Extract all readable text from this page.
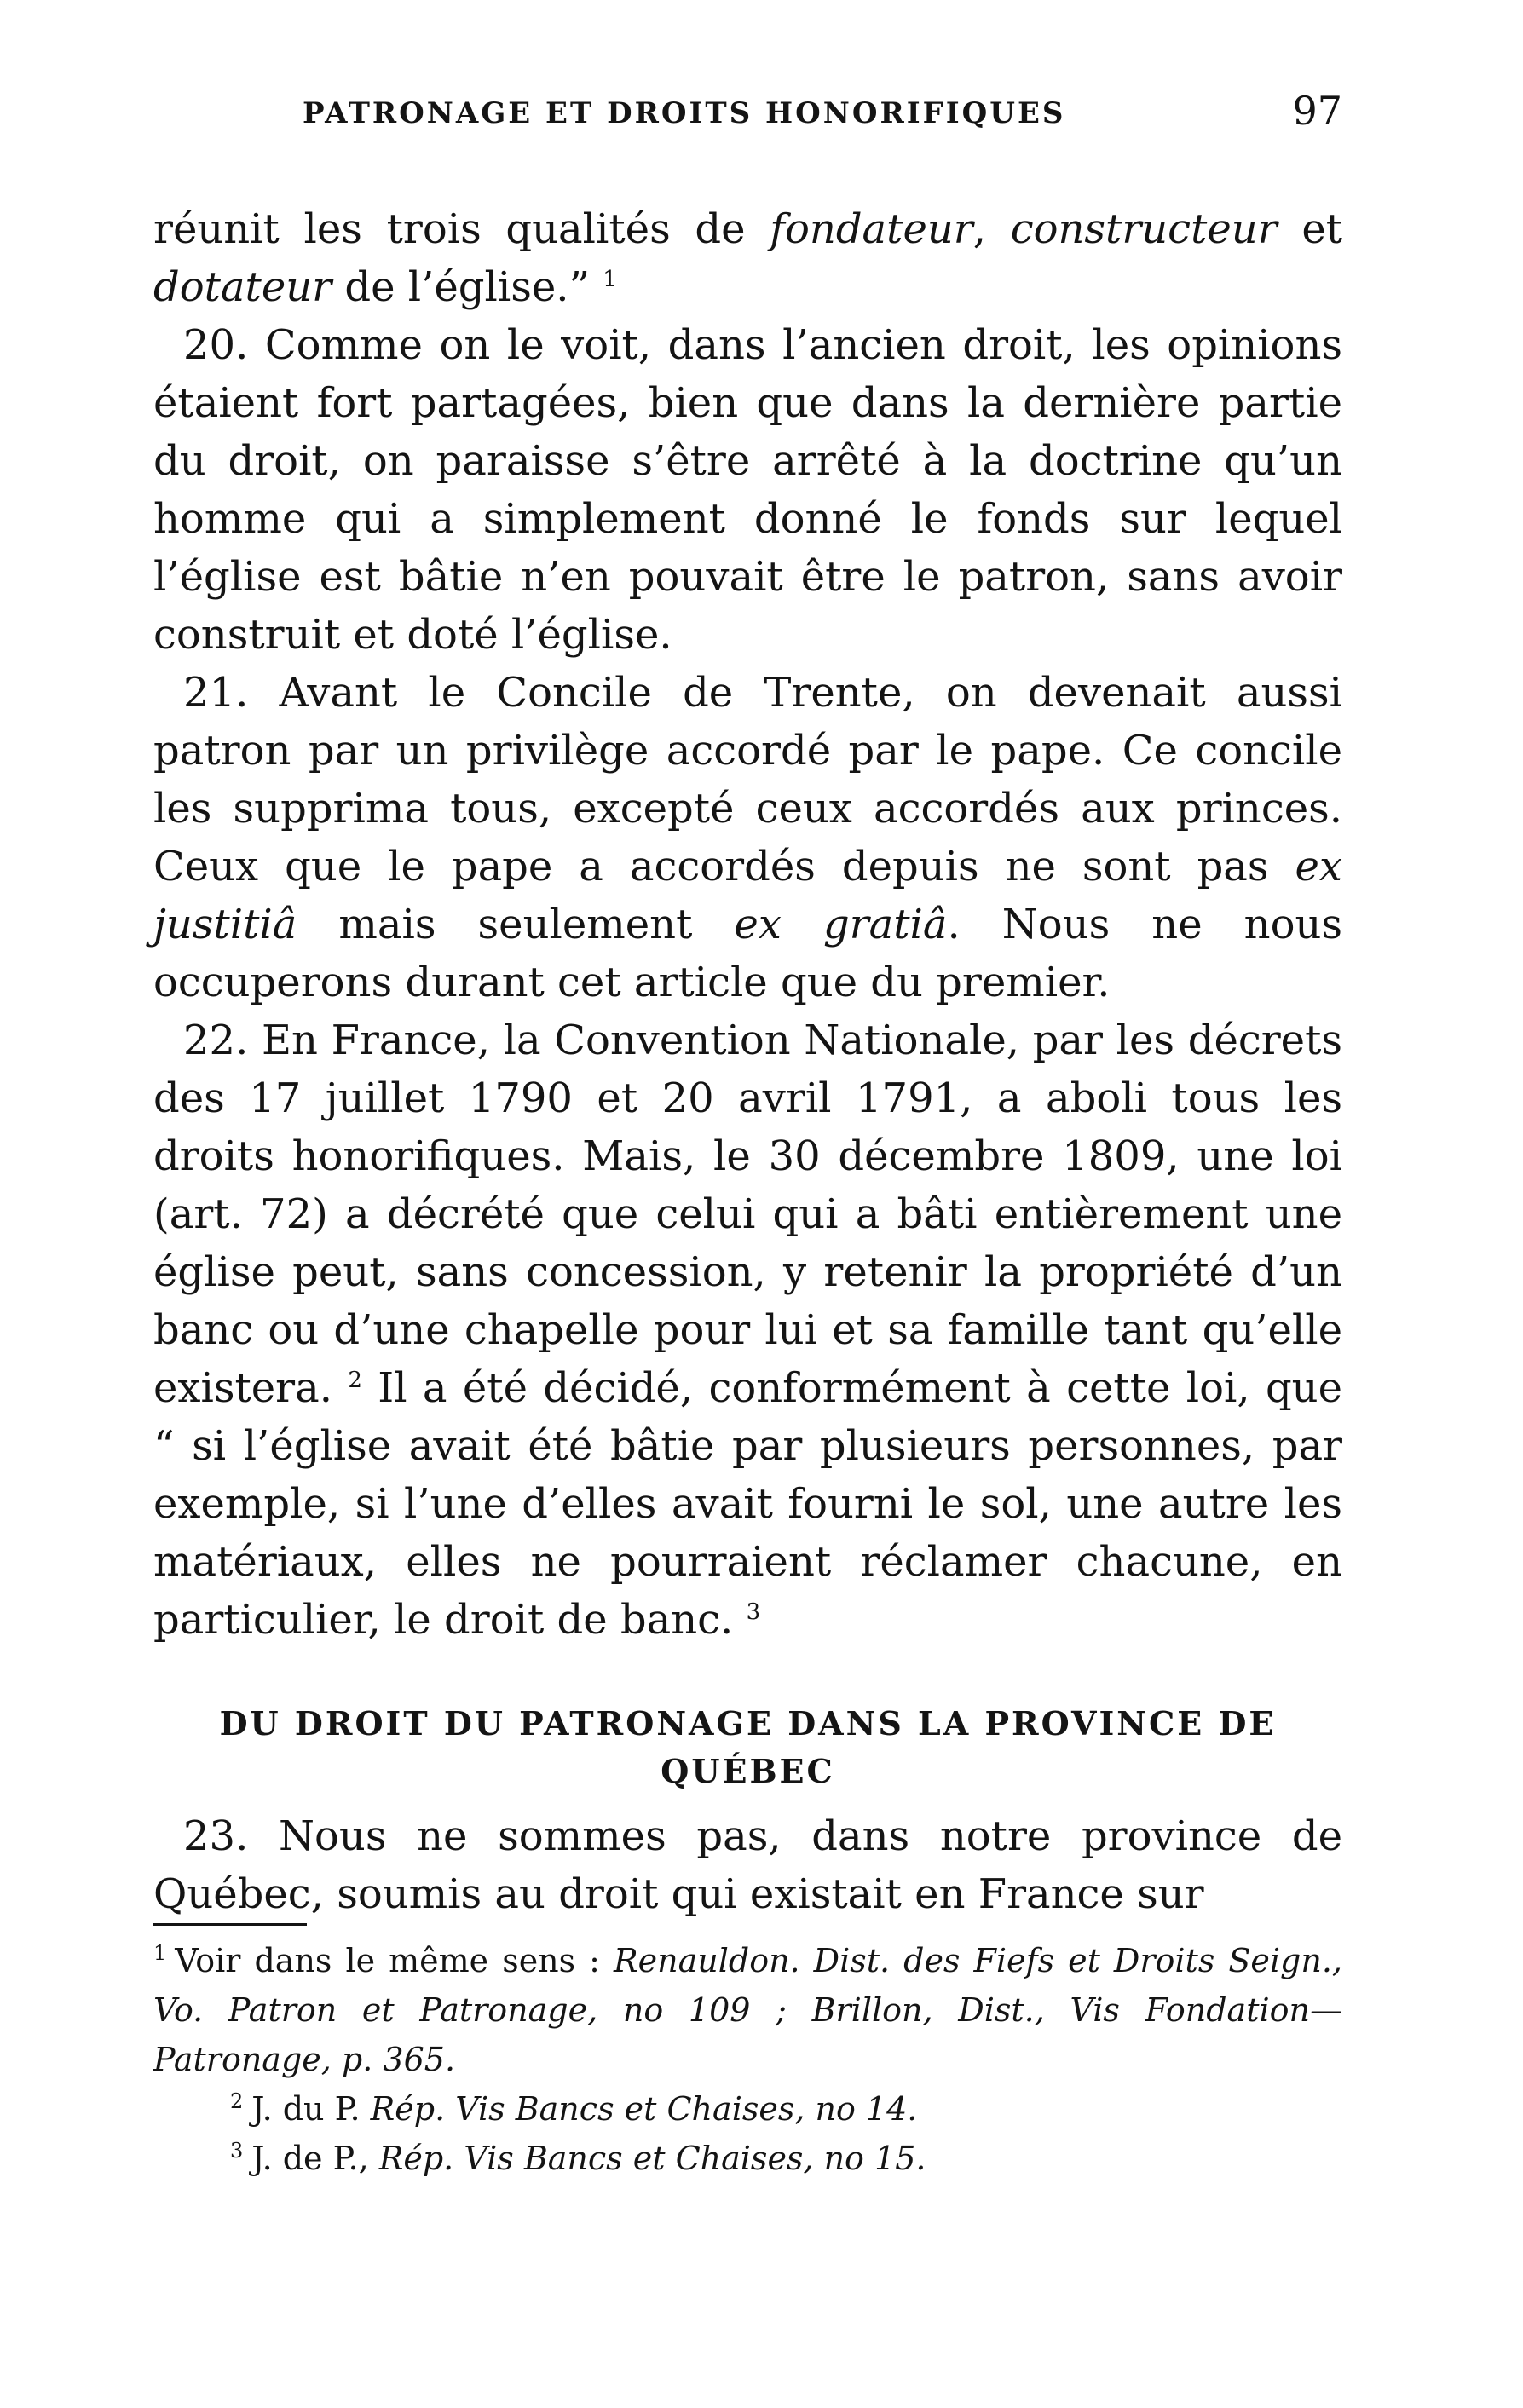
PATRONAGE ET DROITS HONORIFIQUES	97

réunit les trois qualités de fondateur, constructeur et dotateur de l’église.” $^1$

20. Comme on le voit, dans l’ancien droit, les opinions étaient fort partagées, bien que dans la dernière partie du droit, on paraisse s’être arrêté à la doctrine qu’un homme qui a simplement donné le fonds sur lequel l’église est bâtie n’en pouvait être le patron, sans avoir construit et doté l’église.

21. Avant le Concile de Trente, on devenait aussi patron par un privilège accordé par le pape. Ce concile les supprima tous, excepté ceux accordés aux princes. Ceux que le pape a accordés depuis ne sont pas ex justitiâ mais seulement ex gratiâ. Nous ne nous occuperons durant cet article que du premier.

22. En France, la Convention Nationale, par les décrets des 17 juillet 1790 et 20 avril 1791, a aboli tous les droits honorifiques. Mais, le 30 décembre 1809, une loi (art. 72) a décrété que celui qui a bâti entièrement une église peut, sans concession, y retenir la propriété d’un banc ou d’une chapelle pour lui et sa famille tant qu’elle existera. $^2$ Il a été décidé, conformément à cette loi, que “ si l’église avait été bâtie par plusieurs personnes, par exemple, si l’une d’elles avait fourni le sol, une autre les matériaux, elles ne pourraient réclamer chacune, en particulier, le droit de banc. $^3$

DU DROIT DU PATRONAGE DANS LA PROVINCE DE QUÉBEC

23. Nous ne sommes pas, dans notre province de Québec, soumis au droit qui existait en France sur

$^1$ Voir dans le même sens : Renauldon. Dist. des Fiefs et Droits Seign., Vo. Patron et Patronage, no 109 ; Brillon, Dist., Vis Fondation—Patronage, p. 365.

$^2$ J. du P. Rép. Vis Bancs et Chaises, no 14.

$^3$ J. de P., Rép. Vis Bancs et Chaises, no 15.
